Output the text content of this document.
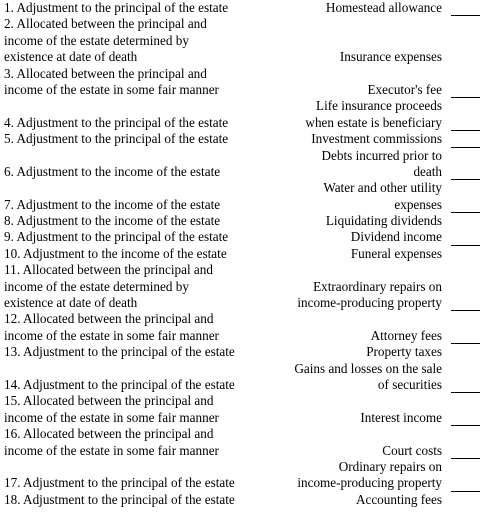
1. Adjustment to the principal of the estate
2. Allocated between the principal and
income of the estate determined by
existence at date of death
3. Allocated between the principal and
income of the estate in some fair manner
4. Adjustment to the principal of the estate
5. Adjustment to the principal of the estate
6. Adjustment to the income of the estate
7. Adjustment to the income of the estate
8. Adjustment to the income of the estate
9. Adjustment to the principal of the estate
10. Adjustment to the income of the estate
11. Allocated between the principal and
income of the estate determined by
existence at date of death
12. Allocated between the principal and
income of the estate in some fair manner
13. Adjustment to the principal of the estate
14. Adjustment to the principal of the estate
15. Allocated between the principal and
income of the estate in some fair manner
16. Allocated between the principal and
income of the estate in some fair manner
17. Adjustment to the principal of the estate
18. Adjustment to the principal of the estate
Homestead allowance
Insurance expenses
Executor's fee
Life insurance proceeds
when estate is beneficiary
Investment commissions
Debts incurred prior to
death
Water and other utility
expenses
Liquidating dividends
Dividend income
Funeral expenses
Extraordinary repairs on
income-producing property
Attorney fees
Property taxes
Gains and losses on the sale
of securities
Interest income
Court costs
Ordinary repairs on
income-producing property
Accounting fees
